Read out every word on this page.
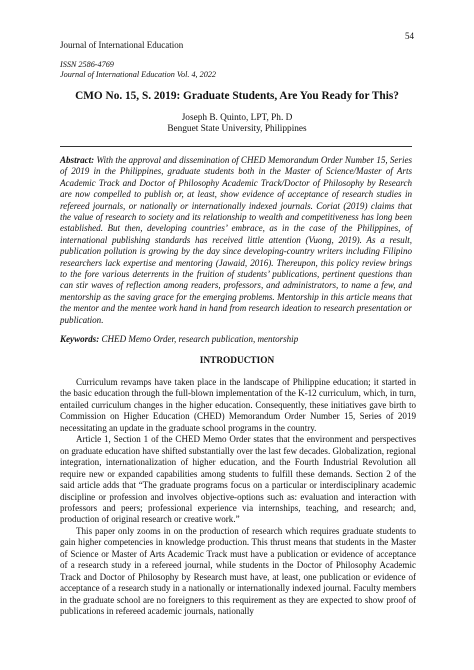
54
Journal of International Education
ISSN 2586-4769
Journal of International Education Vol. 4, 2022
CMO No. 15, S. 2019: Graduate Students, Are You Ready for This?
Joseph B. Quinto, LPT, Ph. D
Benguet State University, Philippines

Abstract: With the approval and dissemination of CHED Memorandum Order Number 15, Series of 2019 in the Philippines, graduate students both in the Master of Science/Master of Arts Academic Track and Doctor of Philosophy Academic Track/Doctor of Philosophy by Research are now compelled to publish or, at least, show evidence of acceptance of research studies in refereed journals, or nationally or internationally indexed journals. Coriat (2019) claims that the value of research to society and its relationship to wealth and competitiveness has long been established. But then, developing countries’ embrace, as in the case of the Philippines, of international publishing standards has received little attention (Vuong, 2019). As a result, publication pollution is growing by the day since developing-country writers including Filipino researchers lack expertise and mentoring (Jawaid, 2016). Thereupon, this policy review brings to the fore various deterrents in the fruition of students’ publications, pertinent questions than can stir waves of reflection among readers, professors, and administrators, to name a few, and mentorship as the saving grace for the emerging problems. Mentorship in this article means that the mentor and the mentee work hand in hand from research ideation to research presentation or publication.

Keywords: CHED Memo Order, research publication, mentorship

INTRODUCTION

Curriculum revamps have taken place in the landscape of Philippine education; it started in the basic education through the full-blown implementation of the K-12 curriculum, which, in turn, entailed curriculum changes in the higher education. Consequently, these initiatives gave birth to Commission on Higher Education (CHED) Memorandum Order Number 15, Series of 2019 necessitating an update in the graduate school programs in the country.

Article 1, Section 1 of the CHED Memo Order states that the environment and perspectives on graduate education have shifted substantially over the last few decades. Globalization, regional integration, internationalization of higher education, and the Fourth Industrial Revolution all require new or expanded capabilities among students to fulfill these demands. Section 2 of the said article adds that “The graduate programs focus on a particular or interdisciplinary academic discipline or profession and involves objective-options such as: evaluation and interaction with professors and peers; professional experience via internships, teaching, and research; and, production of original research or creative work.”

This paper only zooms in on the production of research which requires graduate students to gain higher competencies in knowledge production. This thrust means that students in the Master of Science or Master of Arts Academic Track must have a publication or evidence of acceptance of a research study in a refereed journal, while students in the Doctor of Philosophy Academic Track and Doctor of Philosophy by Research must have, at least, one publication or evidence of acceptance of a research study in a nationally or internationally indexed journal. Faculty members in the graduate school are no foreigners to this requirement as they are expected to show proof of publications in refereed academic journals, nationally
